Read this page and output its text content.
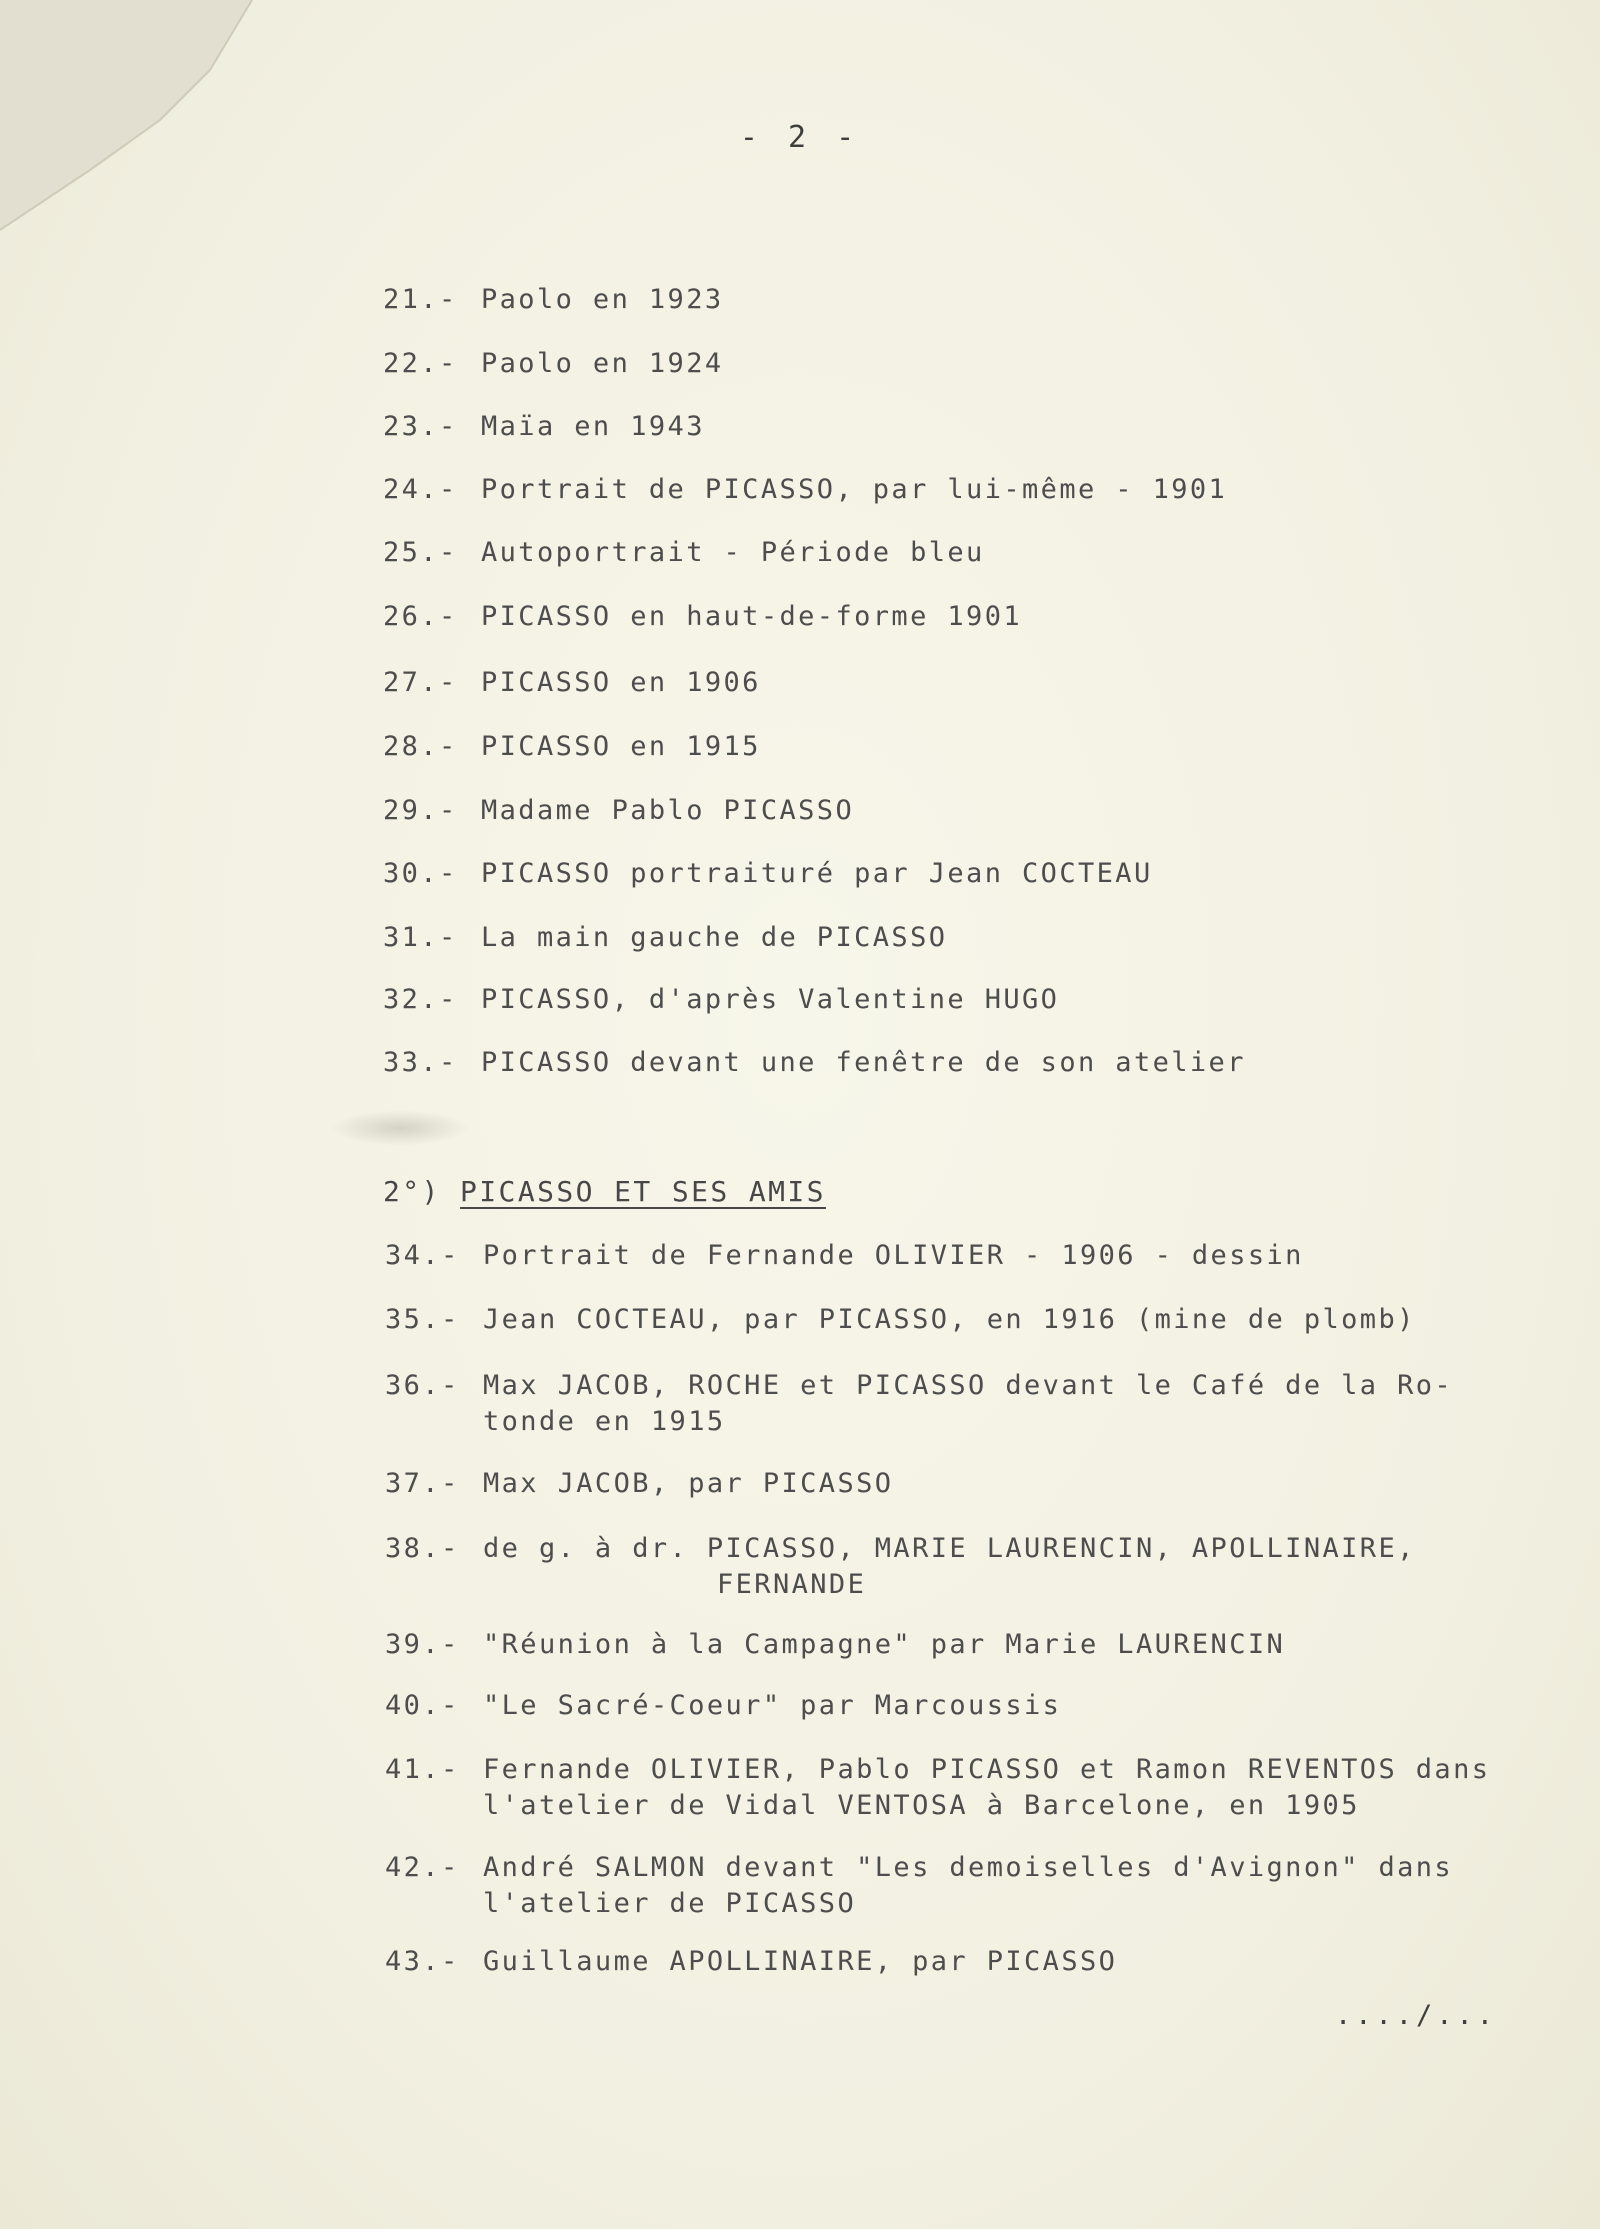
- 2 -
21.- Paolo en 1923
22.- Paolo en 1924
23.- Maïa en 1943
24.- Portrait de PICASSO, par lui-même - 1901
25.- Autoportrait - Période bleu
26.- PICASSO en haut-de-forme 1901
27.- PICASSO en 1906
28.- PICASSO en 1915
29.- Madame Pablo PICASSO
30.- PICASSO portraituré par Jean COCTEAU
31.- La main gauche de PICASSO
32.- PICASSO, d'après Valentine HUGO
33.- PICASSO devant une fenêtre de son atelier
2°) PICASSO ET SES AMIS
34.- Portrait de Fernande OLIVIER - 1906 - dessin
35.- Jean COCTEAU, par PICASSO, en 1916 (mine de plomb)
36.- Max JACOB, ROCHE et PICASSO devant le Café de la Ro-
tonde en 1915
37.- Max JACOB, par PICASSO
38.- de g. à dr. PICASSO, MARIE LAURENCIN, APOLLINAIRE,
FERNANDE
39.- "Réunion à la Campagne" par Marie LAURENCIN
40.- "Le Sacré-Coeur" par Marcoussis
41.- Fernande OLIVIER, Pablo PICASSO et Ramon REVENTOS dans
l'atelier de Vidal VENTOSA à Barcelone, en 1905
42.- André SALMON devant "Les demoiselles d'Avignon" dans
l'atelier de PICASSO
43.- Guillaume APOLLINAIRE, par PICASSO
..../...
